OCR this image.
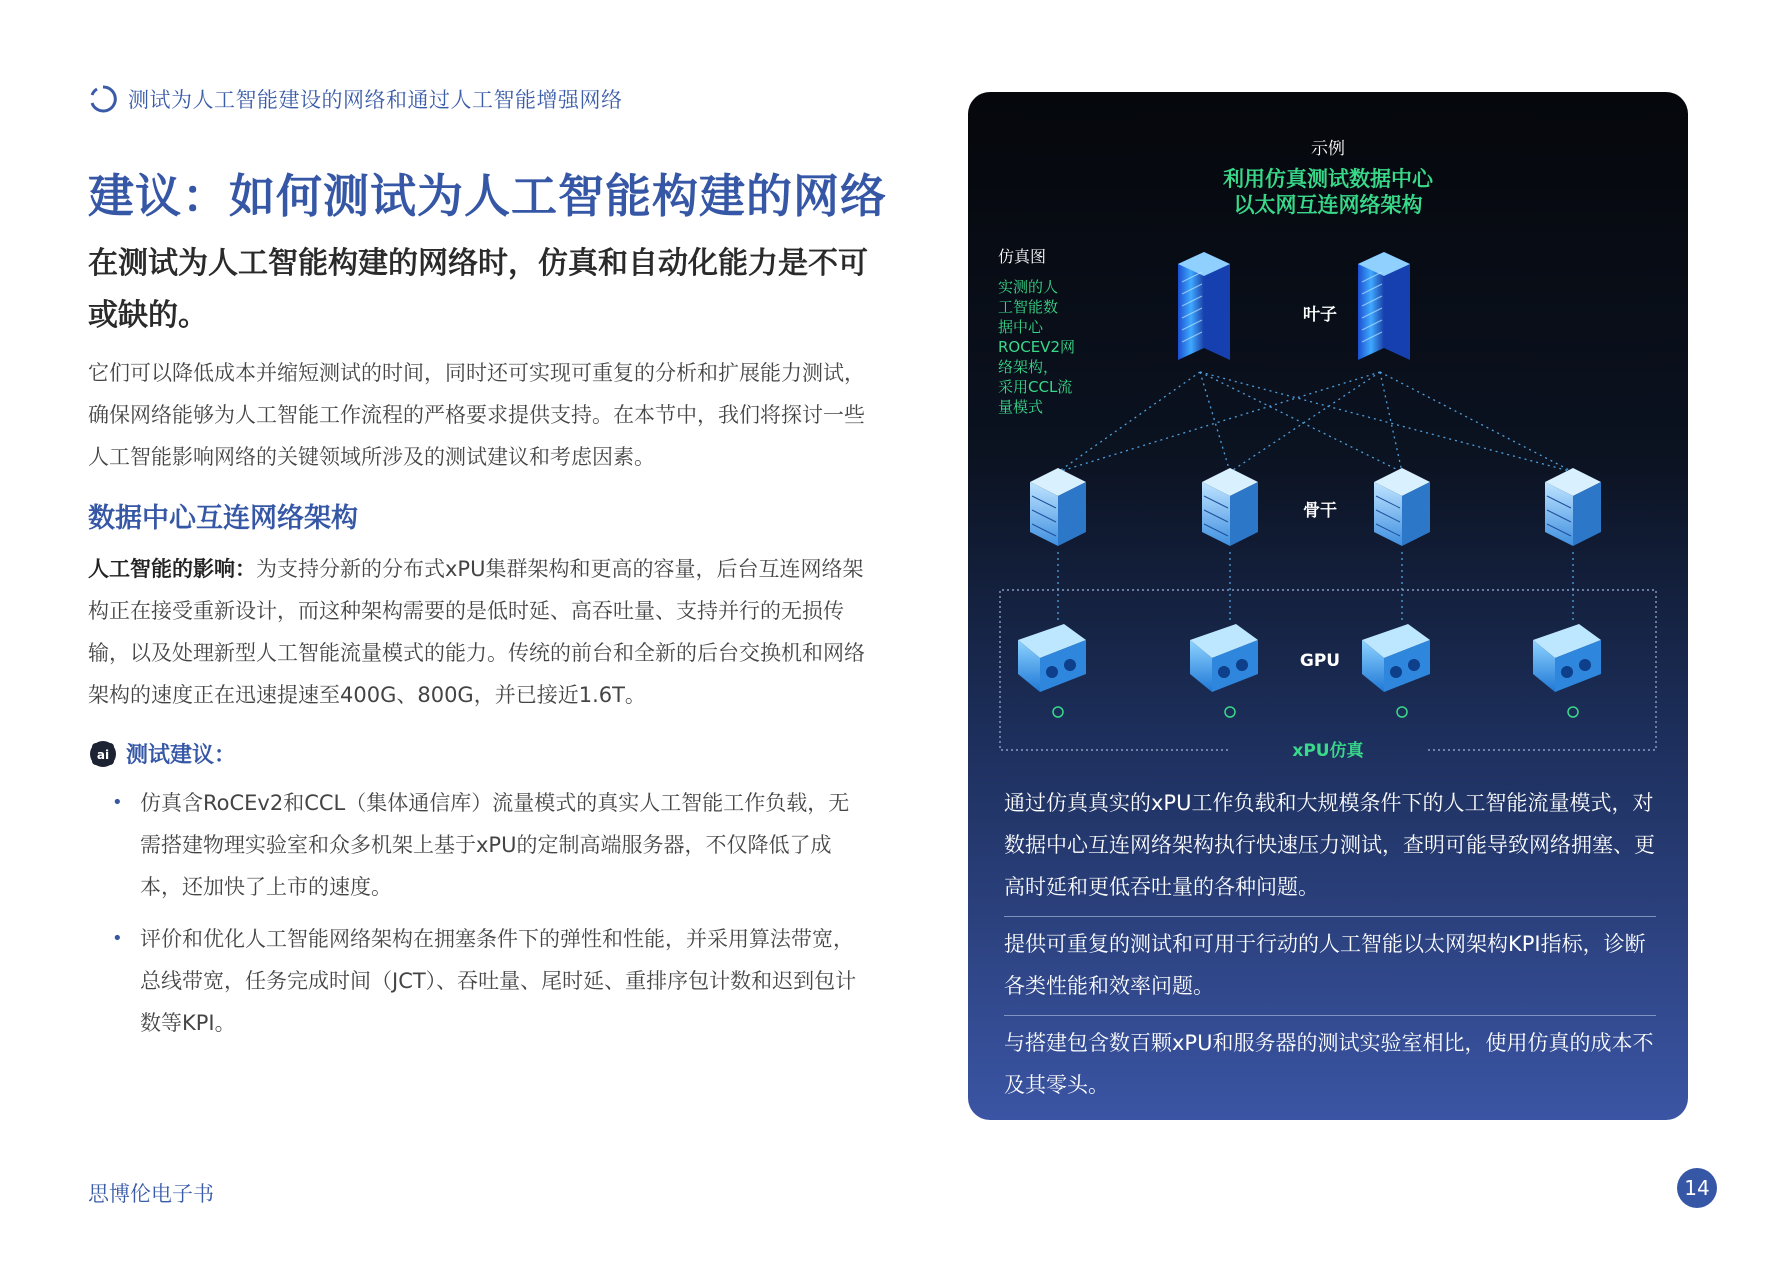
测试为人工智能建设的网络和通过人工智能增强网络
建议：如何测试为人工智能构建的网络
在测试为人工智能构建的网络时，仿真和自动化能力是不可或缺的。
它们可以降低成本并缩短测试的时间，同时还可实现可重复的分析和扩展能力测试，确保网络能够为人工智能工作流程的严格要求提供支持。在本节中，我们将探讨一些人工智能影响网络的关键领域所涉及的测试建议和考虑因素。
数据中心互连网络架构
人工智能的影响：为支持分新的分布式xPU集群架构和更高的容量，后台互连网络架构正在接受重新设计，而这种架构需要的是低时延、高吞吐量、支持并行的无损传输，以及处理新型人工智能流量模式的能力。传统的前台和全新的后台交换机和网络架构的速度正在迅速提速至400G、800G，并已接近1.6T。
ai 测试建议：
• 仿真含RoCEv2和CCL（集体通信库）流量模式的真实人工智能工作负载，无需搭建物理实验室和众多机架上基于xPU的定制高端服务器，不仅降低了成本，还加快了上市的速度。
• 评价和优化人工智能网络架构在拥塞条件下的弹性和性能，并采用算法带宽，总线带宽，任务完成时间（JCT）、吞吐量、尾时延、重排序包计数和迟到包计数等KPI。
示例
利用仿真测试数据中心
以太网互连网络架构
仿真图
实测的人
工智能数
据中心
ROCEV2网
络架构，
采用CCL流
量模式
叶子
骨干
GPU
xPU仿真

通过仿真真实的xPU工作负载和大规模条件下的人工智能流量模式，对数据中心互连网络架构执行快速压力测试，查明可能导致网络拥塞、更高时延和更低吞吐量的各种问题。

提供可重复的测试和可用于行动的人工智能以太网架构KPI指标，诊断各类性能和效率问题。

与搭建包含数百颗xPU和服务器的测试实验室相比，使用仿真的成本不及其零头。

思博伦电子书	14
